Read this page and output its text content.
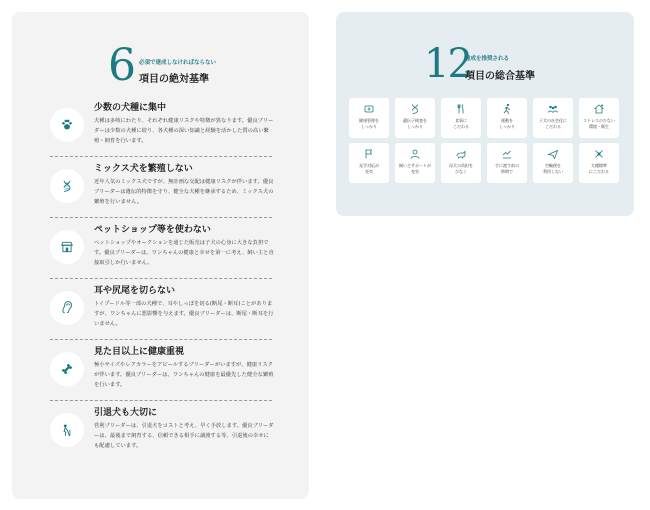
6 必須で達成しなければならない
項目の絶対基準	12
達成を推奨される
項目の総合基準
少数の犬種に集中
犬種は多岐にわたり、それぞれ健康リスクや特徴が異なります。優良ブリーダーは少数の犬種に絞り、各犬種の深い知識と経験を活かした質の高い繁殖・飼育を行います。
ミックス犬を繁殖しない
近年人気のミックス犬ですが、無計画な交配は健康リスクが伴います。優良ブリーダーは遺伝的特徴を守り、健全な犬種を継承するため、ミックス犬の繁殖を行いません。
ペットショップ等を使わない
ペットショップやオークションを通じた販売は子犬の心身に大きな負担です。優良ブリーダーは、ワンちゃんの健康と幸せを第一に考え、飼い主と直接取引しか行いません。
耳や尻尾を切らない
トイプードル等一部の犬種で、耳やしっぽを切る(断尾・断耳)ことがありますが、ワンちゃんに悪影響を与えます。優良ブリーダーは、断尾・断耳を行いません。
見た目以上に健康重視
極小サイズやレアカラーをアピールするブリーダーがいますが、健康リスクが伴います。優良ブリーダーは、ワンちゃんの健康を最優先した健全な繁殖を行います。
引退犬も大切に
営利ブリーダーは、引退犬をコストと考え、早く手放します。優良ブリーダーは、最後まで飼育する、信頼できる相手に譲渡する等、引退後の幸せにも配慮しています。
健康管理を
しっかり
遺伝子検査を
しっかり
食事に
こだわる
運動を
しっかり
子犬の社会化に
こだわる
ストレスの少ない
環境・衛生
見学対応が
充実
飼い主サポートが
充実
母犬の負担を
少なく
手に渡す前の
時期で
空輸便を
利用しない
犬種標準
にこだわる
